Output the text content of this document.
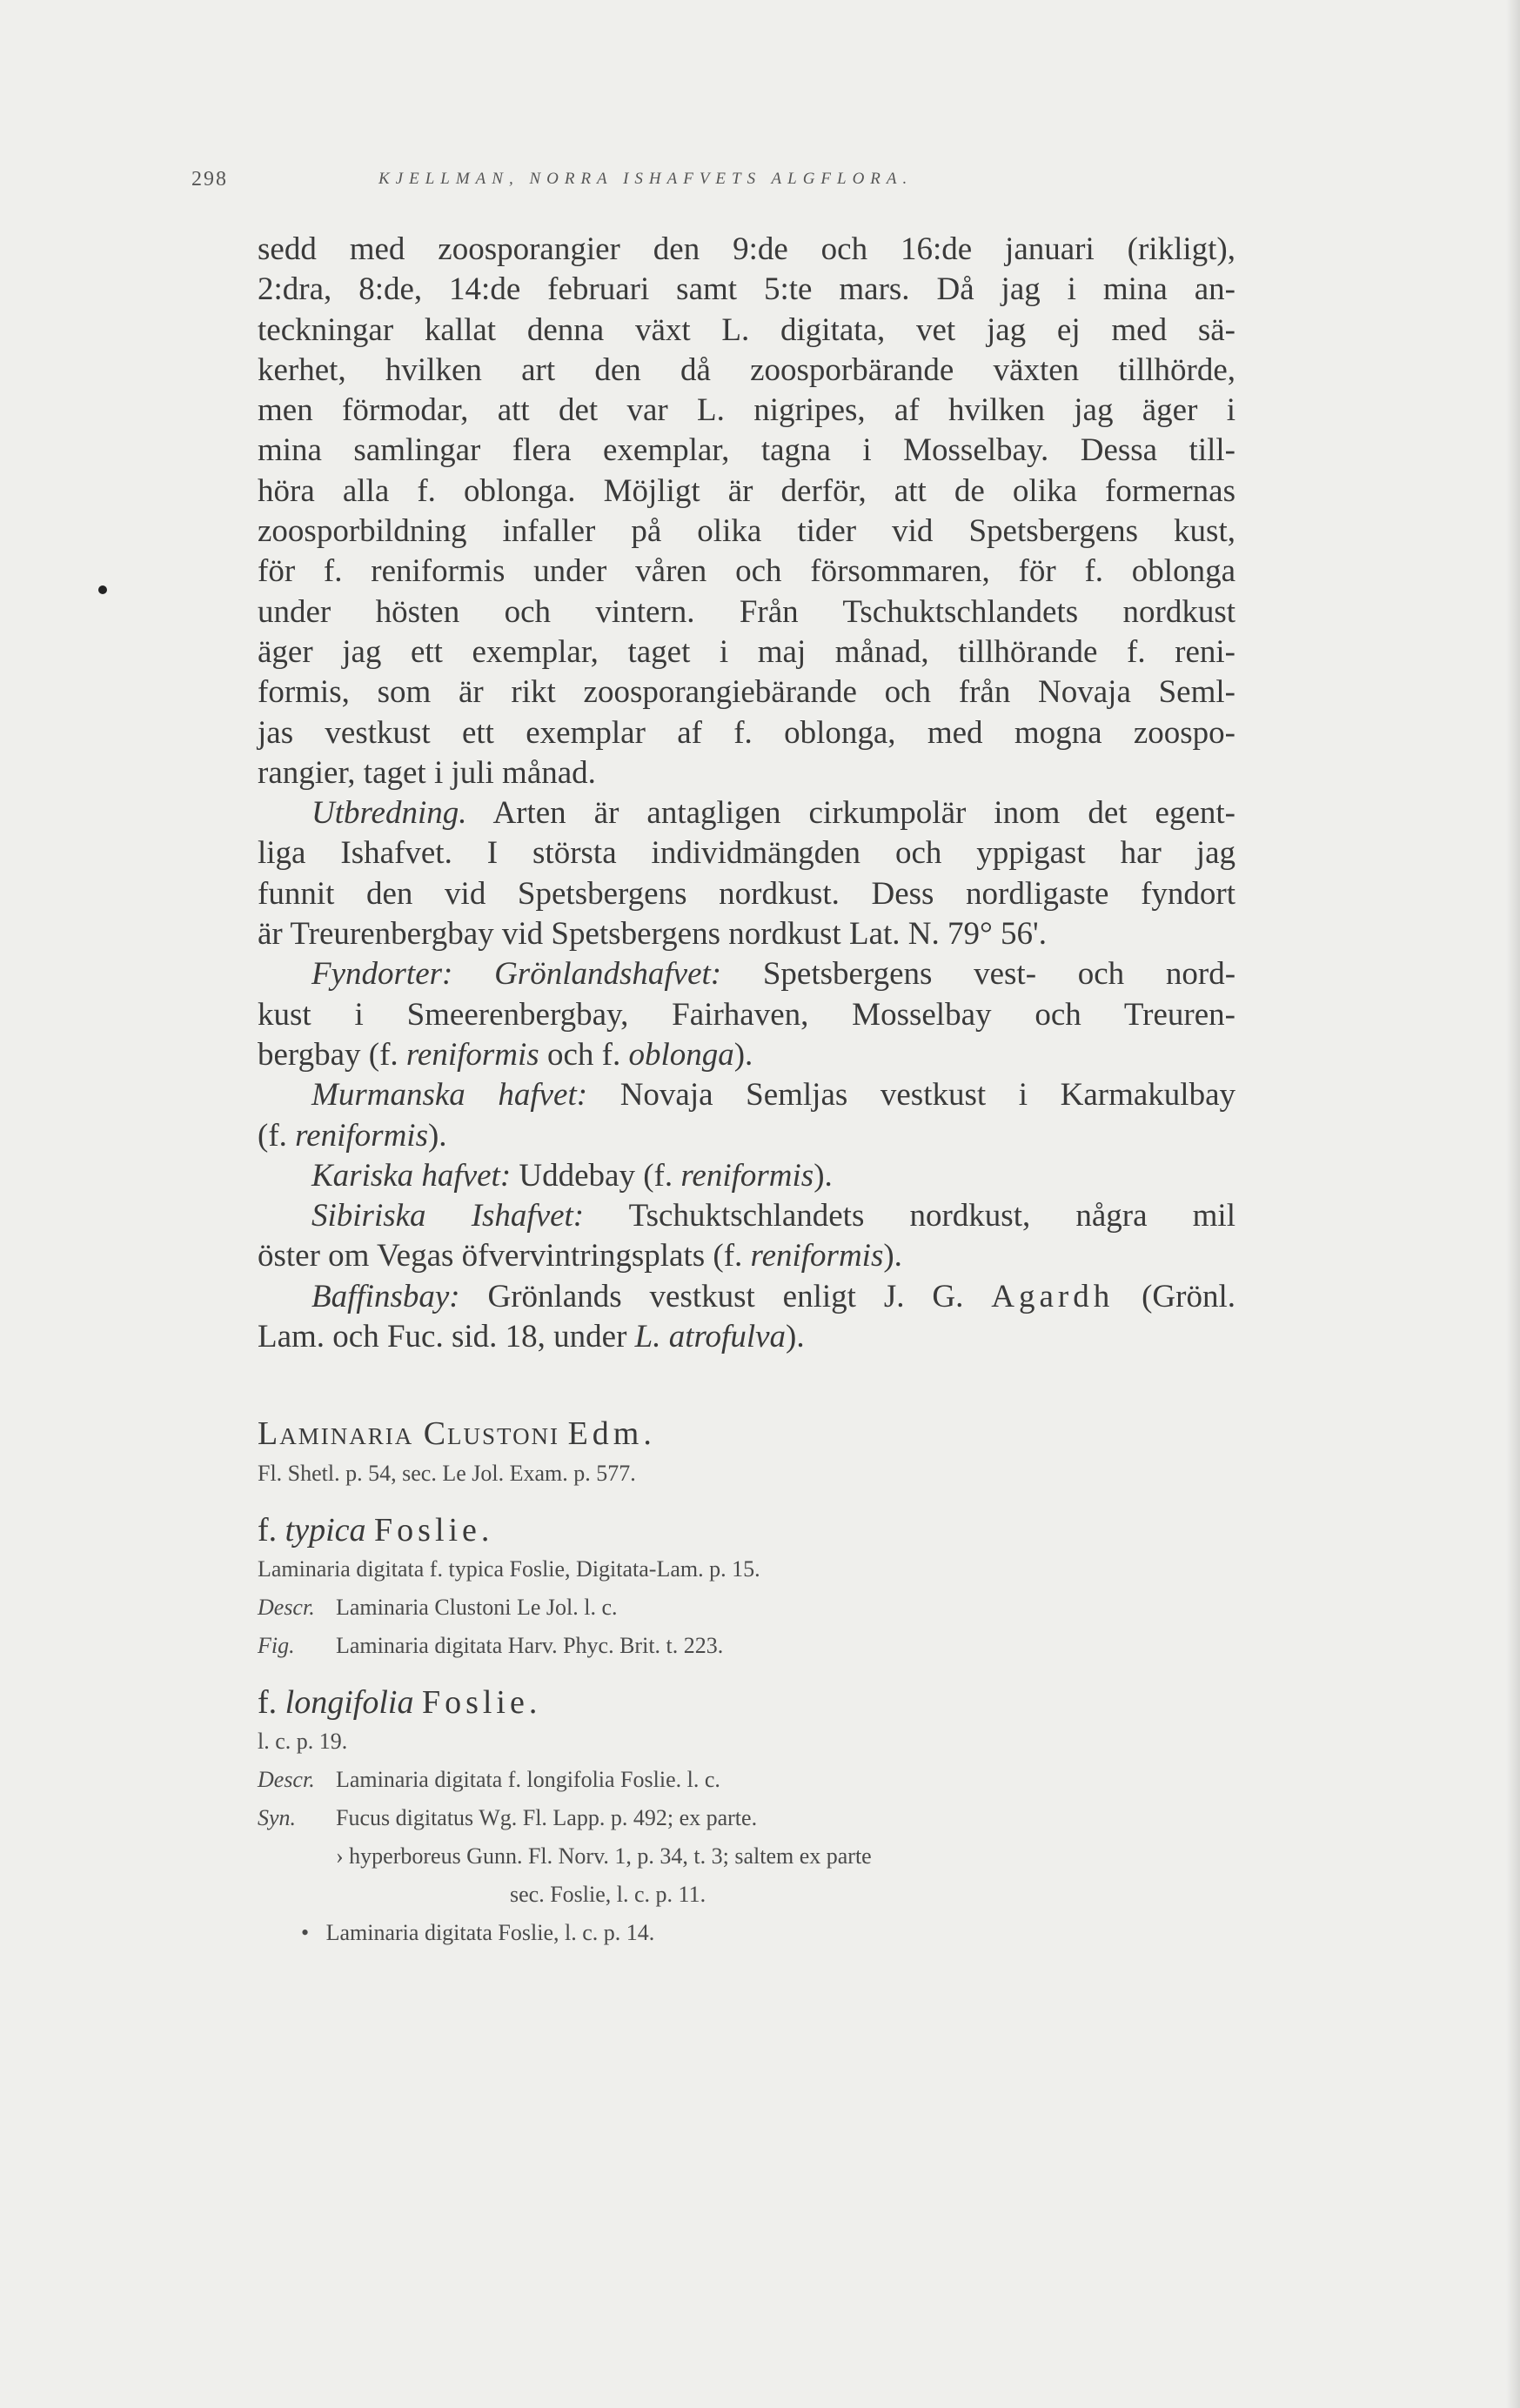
298	KJELLMAN, NORRA ISHAFVETS ALGFLORA.
sedd med zoosporangier den 9:de och 16:de januari (rikligt),
2:dra, 8:de, 14:de februari samt 5:te mars. Då jag i mina an-
teckningar kallat denna växt L. digitata, vet jag ej med sä-
kerhet, hvilken art den då zoosporbärande växten tillhörde,
men förmodar, att det var L. nigripes, af hvilken jag äger i
mina samlingar flera exemplar, tagna i Mosselbay. Dessa till-
höra alla f. oblonga. Möjligt är derför, att de olika formernas
zoosporbildning infaller på olika tider vid Spetsbergens kust,
för f. reniformis under våren och försommaren, för f. oblonga
under hösten och vintern. Från Tschuktschlandets nordkust
äger jag ett exemplar, taget i maj månad, tillhörande f. reni-
formis, som är rikt zoosporangiebärande och från Novaja Seml-
jas vestkust ett exemplar af f. oblonga, med mogna zoospo-
rangier, taget i juli månad.
Utbredning. Arten är antagligen cirkumpolär inom det egent-
liga Ishafvet. I största individmängden och yppigast har jag
funnit den vid Spetsbergens nordkust. Dess nordligaste fyndort
är Treurenbergbay vid Spetsbergens nordkust Lat. N. 79° 56'.
Fyndorter: Grönlandshafvet: Spetsbergens vest- och nord-
kust i Smeerenbergbay, Fairhaven, Mosselbay och Treuren-
bergbay (f. reniformis och f. oblonga).
Murmanska hafvet: Novaja Semljas vestkust i Karmakulbay
(f. reniformis).
Kariska hafvet: Uddebay (f. reniformis).
Sibiriska Ishafvet: Tschuktschlandets nordkust, några mil
öster om Vegas öfvervintringsplats (f. reniformis).
Baffinsbay: Grönlands vestkust enligt J. G. Agardh (Grönl.
Lam. och Fuc. sid. 18, under L. atrofulva).
Laminaria Clustoni Edm.
Fl. Shetl. p. 54, sec. Le Jol. Exam. p. 577.
f. typica Foslie.
Laminaria digitata f. typica Foslie, Digitata-Lam. p. 15.
Descr. Laminaria Clustoni Le Jol. l. c.
Fig. Laminaria digitata Harv. Phyc. Brit. t. 223.
f. longifolia Foslie.
l. c. p. 19.
Descr. Laminaria digitata f. longifolia Foslie. l. c.
Syn. Fucus digitatus Wg. Fl. Lapp. p. 492; ex parte.
› hyperboreus Gunn. Fl. Norv. 1, p. 34, t. 3; saltem ex parte
sec. Foslie, l. c. p. 11.
• Laminaria digitata Foslie, l. c. p. 14.
